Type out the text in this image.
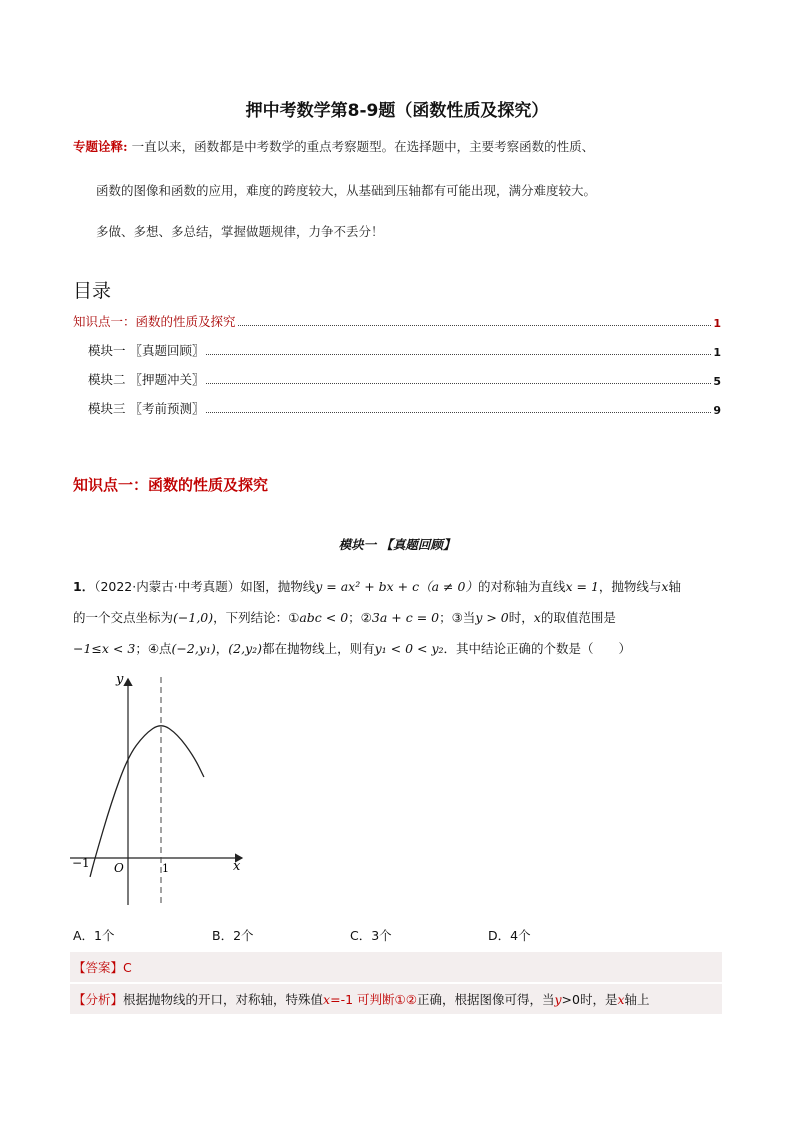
押中考数学第8-9题（函数性质及探究）
专题诠释: 一直以来，函数都是中考数学的重点考察题型。在选择题中，主要考察函数的性质、
函数的图像和函数的应用，难度的跨度较大，从基础到压轴都有可能出现，满分难度较大。
多做、多想、多总结，掌握做题规律，力争不丢分！
目录
知识点一：函数的性质及探究	1
模块一 〖真题回顾〗	1
模块二 〖押题冲关〗	5
模块三 〖考前预测〗	9
知识点一：函数的性质及探究
模块一 【真题回顾】
1．（2022·内蒙古·中考真题）如图，抛物线y = ax² + bx + c（a ≠ 0）的对称轴为直线x = 1，抛物线与x轴
的一个交点坐标为(−1,0)，下列结论：①abc < 0；②3a + c = 0；③当y > 0时，x的取值范围是
−1≤x < 3；④点(−2,y₁)，(2,y₂)都在抛物线上，则有y₁ < 0 < y₂．其中结论正确的个数是（　　）
y
x
O
−1	1
A．1个	B．2个	C．3个	D．4个
【答案】C
【分析】根据抛物线的开口，对称轴，特殊值x=-1 可判断①②正确，根据图像可得，当y>0时，是x轴上
